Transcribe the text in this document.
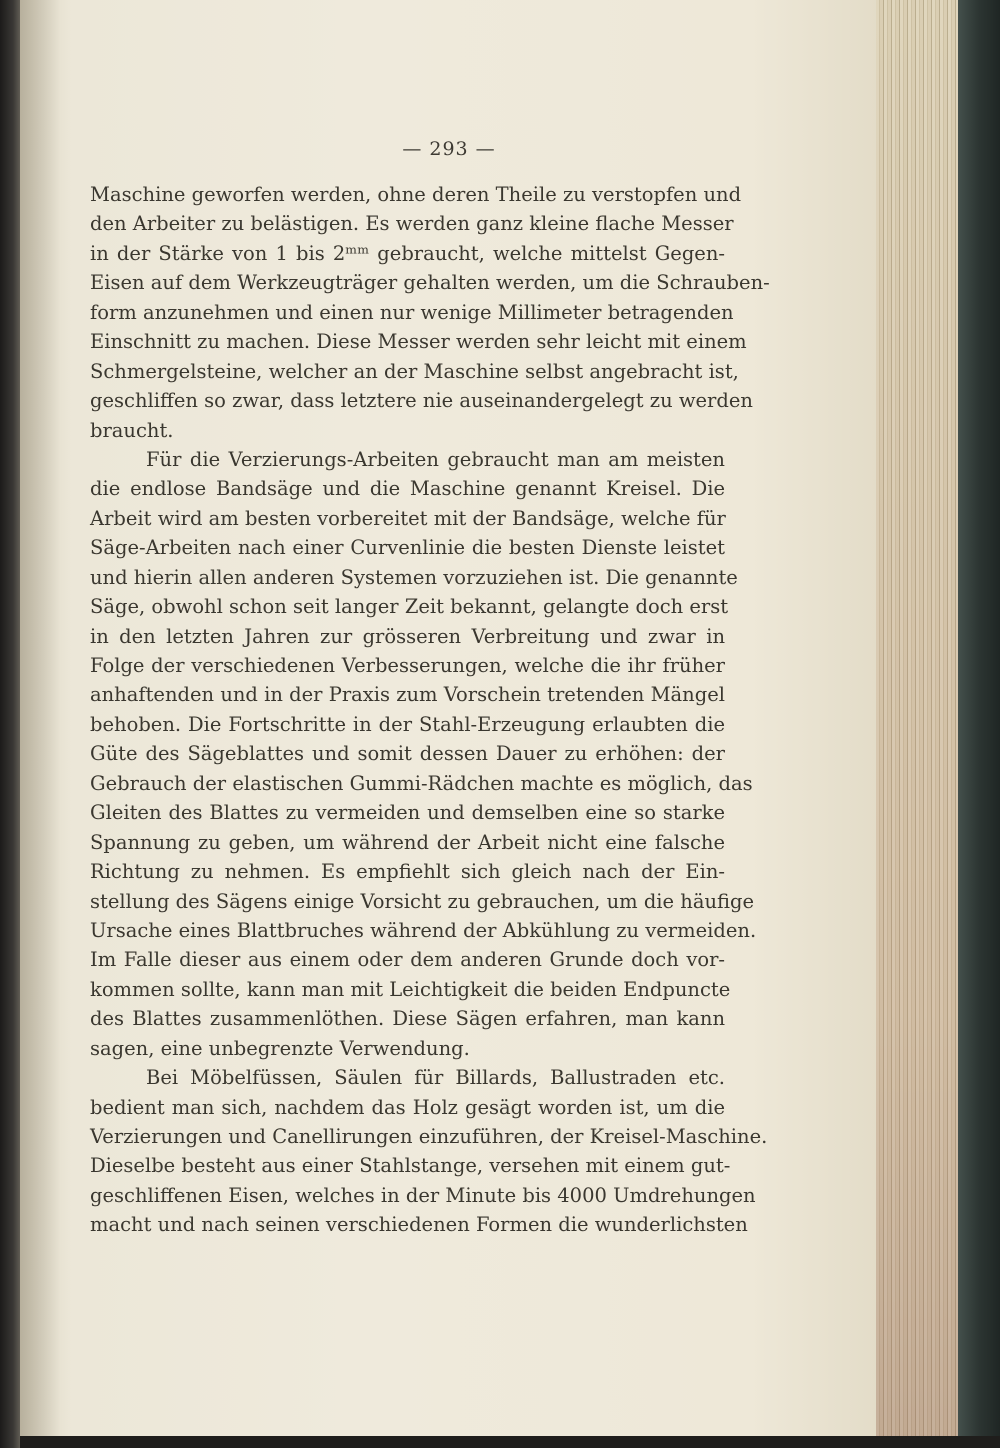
— 293 —
Maschine geworfen werden, ohne deren Theile zu verstopfen und
den Arbeiter zu belästigen. Es werden ganz kleine flache Messer
in der Stärke von 1 bis 2ᵐᵐ gebraucht, welche mittelst Gegen-
Eisen auf dem Werkzeugträger gehalten werden, um die Schrauben-
form anzunehmen und einen nur wenige Millimeter betragenden
Einschnitt zu machen. Diese Messer werden sehr leicht mit einem
Schmergelsteine, welcher an der Maschine selbst angebracht ist,
geschliffen so zwar, dass letztere nie auseinandergelegt zu werden
braucht.
Für die Verzierungs-Arbeiten gebraucht man am meisten
die endlose Bandsäge und die Maschine genannt Kreisel. Die
Arbeit wird am besten vorbereitet mit der Bandsäge, welche für
Säge-Arbeiten nach einer Curvenlinie die besten Dienste leistet
und hierin allen anderen Systemen vorzuziehen ist. Die genannte
Säge, obwohl schon seit langer Zeit bekannt, gelangte doch erst
in den letzten Jahren zur grösseren Verbreitung und zwar in
Folge der verschiedenen Verbesserungen, welche die ihr früher
anhaftenden und in der Praxis zum Vorschein tretenden Mängel
behoben. Die Fortschritte in der Stahl-Erzeugung erlaubten die
Güte des Sägeblattes und somit dessen Dauer zu erhöhen: der
Gebrauch der elastischen Gummi-Rädchen machte es möglich, das
Gleiten des Blattes zu vermeiden und demselben eine so starke
Spannung zu geben, um während der Arbeit nicht eine falsche
Richtung zu nehmen. Es empfiehlt sich gleich nach der Ein-
stellung des Sägens einige Vorsicht zu gebrauchen, um die häufige
Ursache eines Blattbruches während der Abkühlung zu vermeiden.
Im Falle dieser aus einem oder dem anderen Grunde doch vor-
kommen sollte, kann man mit Leichtigkeit die beiden Endpuncte
des Blattes zusammenlöthen. Diese Sägen erfahren, man kann
sagen, eine unbegrenzte Verwendung.
Bei Möbelfüssen, Säulen für Billards, Ballustraden etc.
bedient man sich, nachdem das Holz gesägt worden ist, um die
Verzierungen und Canellirungen einzuführen, der Kreisel-Maschine.
Dieselbe besteht aus einer Stahlstange, versehen mit einem gut-
geschliffenen Eisen, welches in der Minute bis 4000 Umdrehungen
macht und nach seinen verschiedenen Formen die wunderlichsten
